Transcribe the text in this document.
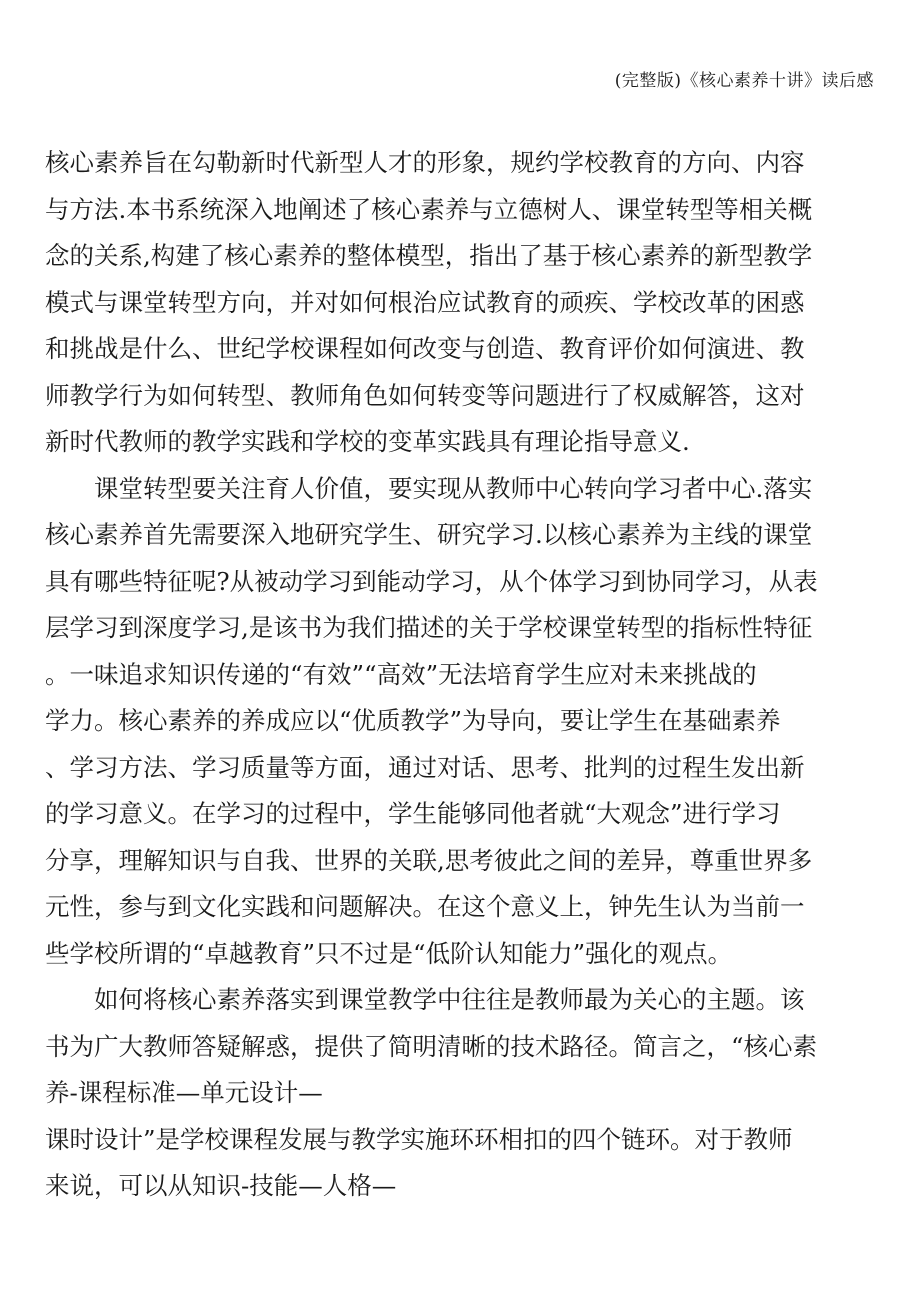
(完整版)《核心素养十讲》读后感
核心素养旨在勾勒新时代新型人才的形象，规约学校教育的方向、内容
与方法.本书系统深入地阐述了核心素养与立德树人、课堂转型等相关概
念的关系,构建了核心素养的整体模型，指出了基于核心素养的新型教学
模式与课堂转型方向，并对如何根治应试教育的顽疾、学校改革的困惑
和挑战是什么、世纪学校课程如何改变与创造、教育评价如何演进、教
师教学行为如何转型、教师角色如何转变等问题进行了权威解答，这对
新时代教师的教学实践和学校的变革实践具有理论指导意义.
　　课堂转型要关注育人价值，要实现从教师中心转向学习者中心.落实
核心素养首先需要深入地研究学生、研究学习.以核心素养为主线的课堂
具有哪些特征呢?从被动学习到能动学习，从个体学习到协同学习，从表
层学习到深度学习,是该书为我们描述的关于学校课堂转型的指标性特征
。一味追求知识传递的“有效”“高效”无法培育学生应对未来挑战的
学力。核心素养的养成应以“优质教学”为导向，要让学生在基础素养
、学习方法、学习质量等方面，通过对话、思考、批判的过程生发出新
的学习意义。在学习的过程中，学生能够同他者就“大观念”进行学习
分享，理解知识与自我、世界的关联,思考彼此之间的差异，尊重世界多
元性，参与到文化实践和问题解决。在这个意义上，钟先生认为当前一
些学校所谓的“卓越教育”只不过是“低阶认知能力”强化的观点。
　　如何将核心素养落实到课堂教学中往往是教师最为关心的主题。该
书为广大教师答疑解惑，提供了简明清晰的技术路径。简言之，“核心素
养-课程标准—单元设计—
课时设计”是学校课程发展与教学实施环环相扣的四个链环。对于教师
来说，可以从知识-技能—人格—
